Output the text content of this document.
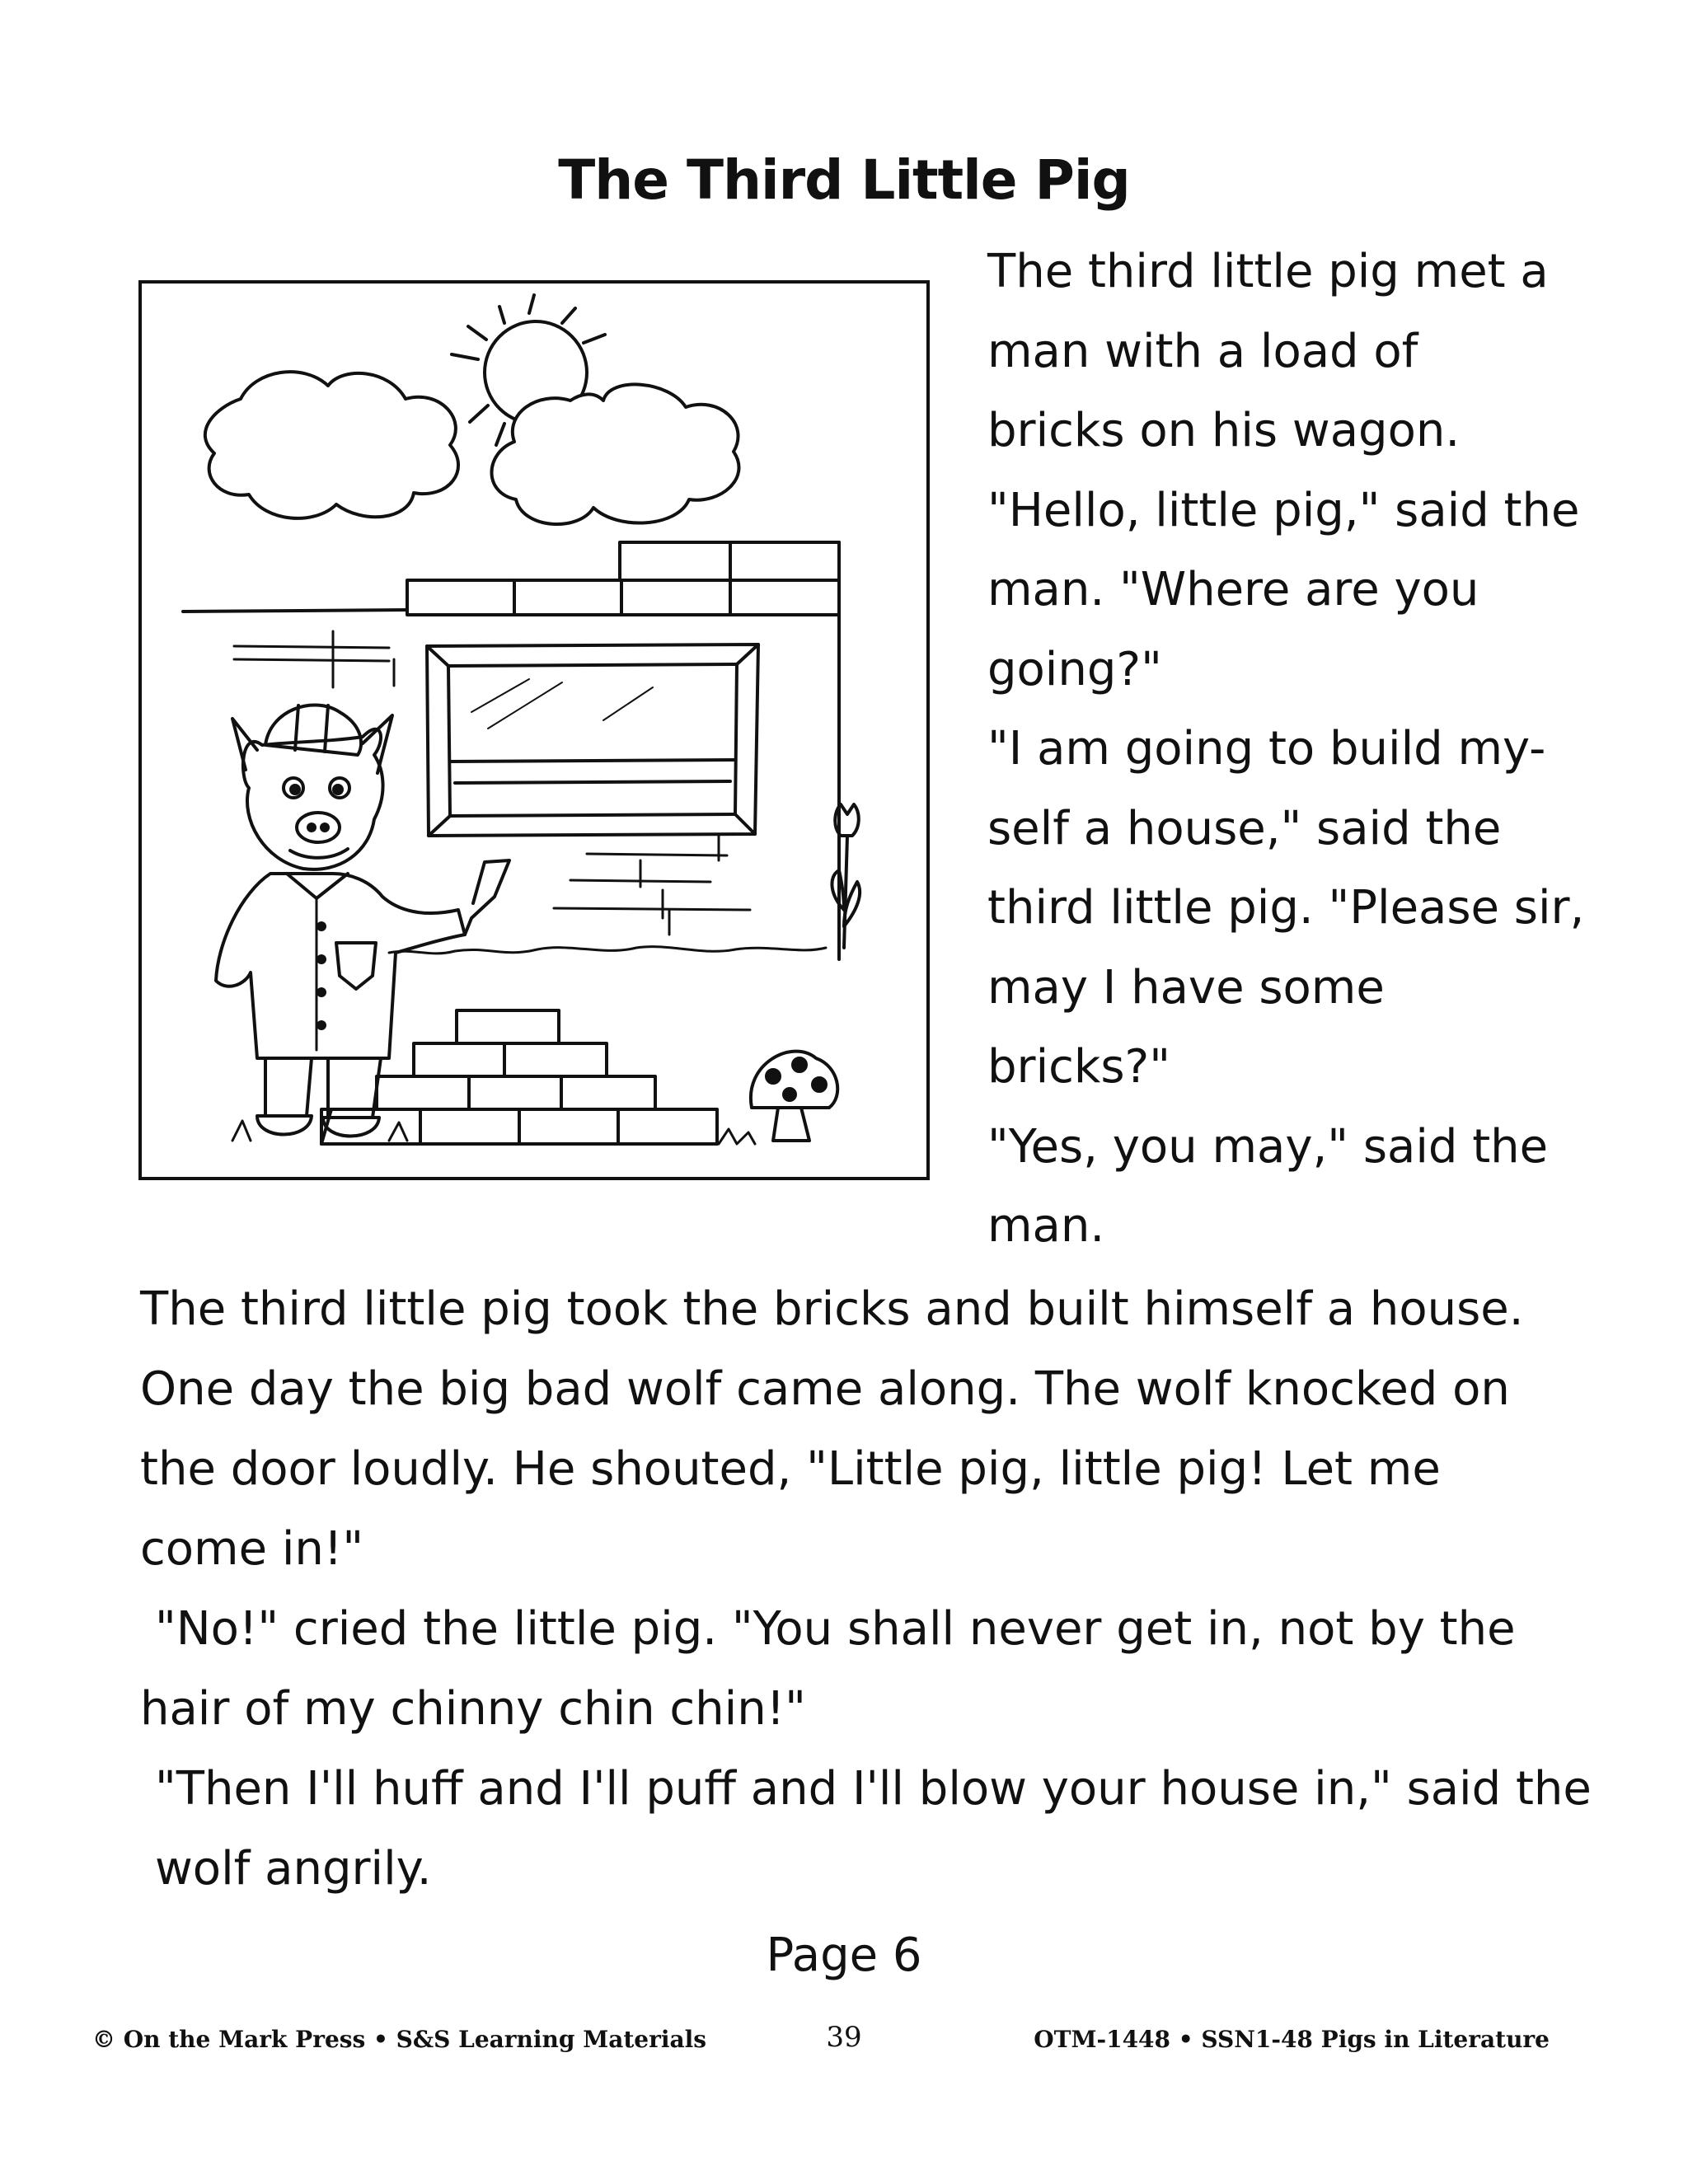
The Third Little Pig
The third little pig met a
man with a load of
bricks on his wagon.
"Hello, little pig," said the
man. "Where are you
going?"
"I am going to build my-
self a house," said the
third little pig. "Please sir,
may I have some
bricks?"
"Yes, you may," said the
man.
The third little pig took the bricks and built himself a house.
One day the big bad wolf came along. The wolf knocked on
the door loudly. He shouted, "Little pig, little pig! Let me
come in!"
"No!" cried the little pig. "You shall never get in, not by the
hair of my chinny chin chin!"
"Then I'll huff and I'll puff and I'll blow your house in," said the
wolf angrily.
Page 6
© On the Mark Press • S&S Learning Materials	39	OTM-1448 • SSN1-48 Pigs in Literature
